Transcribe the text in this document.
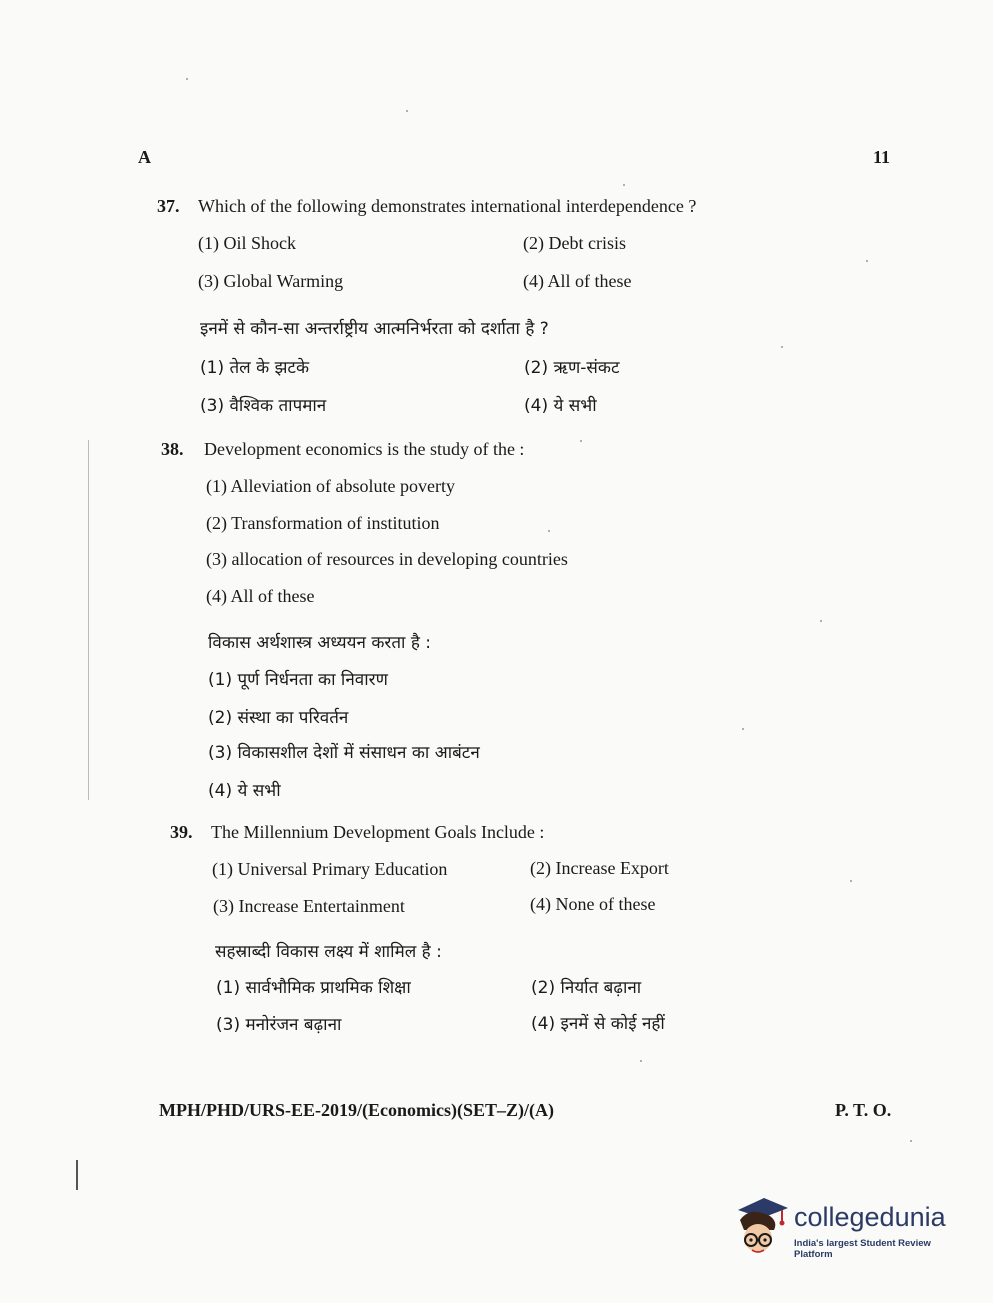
A	11
37. Which of the following demonstrates international interdependence ?
(1) Oil Shock	(2) Debt crisis
(3) Global Warming	(4) All of these
इनमें से कौन-सा अन्तर्राष्ट्रीय आत्मनिर्भरता को दर्शाता है ?
(1) तेल के झटके	(2) ऋण-संकट
(3) वैश्विक तापमान	(4) ये सभी
38. Development economics is the study of the :
(1) Alleviation of absolute poverty
(2) Transformation of institution
(3) allocation of resources in developing countries
(4) All of these
विकास अर्थशास्त्र अध्ययन करता है :
(1) पूर्ण निर्धनता का निवारण
(2) संस्था का परिवर्तन
(3) विकासशील देशों में संसाधन का आबंटन
(4) ये सभी
39. The Millennium Development Goals Include :
(1) Universal Primary Education	(2) Increase Export
(3) Increase Entertainment	(4) None of these
सहस्राब्दी विकास लक्ष्य में शामिल है :
(1) सार्वभौमिक प्राथमिक शिक्षा	(2) निर्यात बढ़ाना
(3) मनोरंजन बढ़ाना	(4) इनमें से कोई नहीं
MPH/PHD/URS-EE-2019/(Economics)(SET–Z)/(A)	P. T. O.
collegedunia
India's largest Student Review Platform
